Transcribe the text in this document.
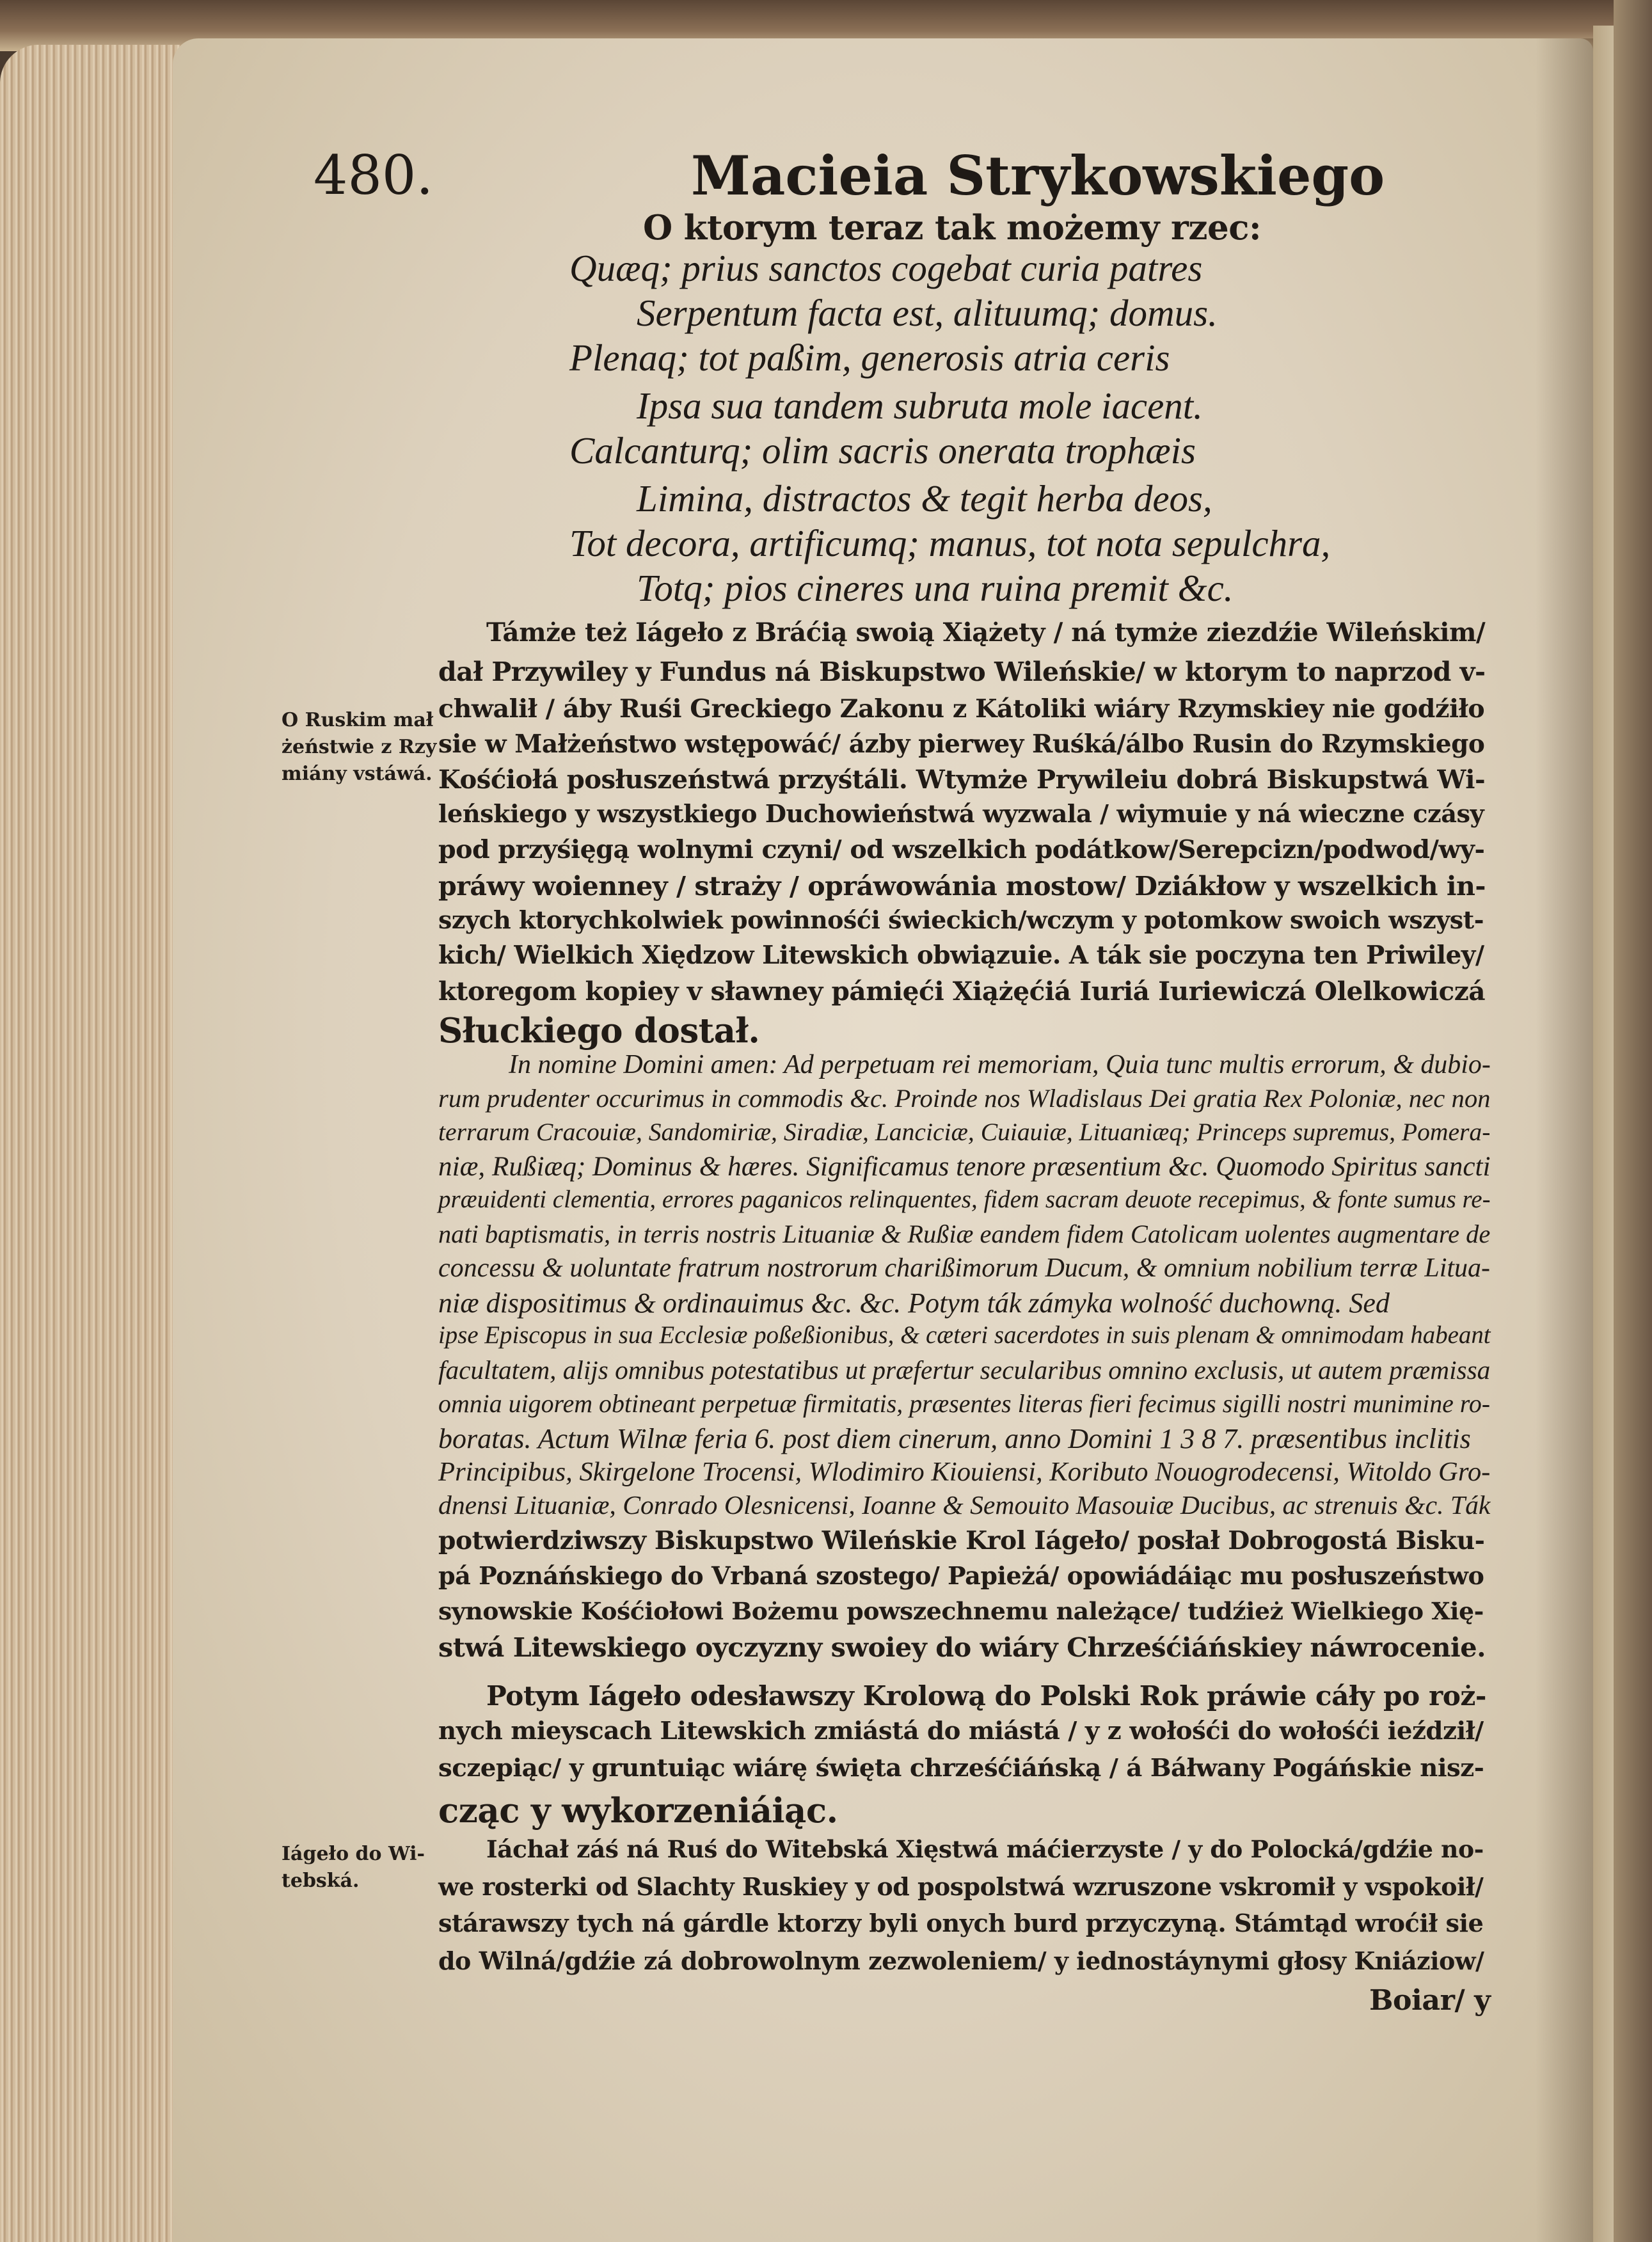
480.	Macieia Strykowskiego
O ktorym teraz tak możemy rzec:
Quæq; prius sanctos cogebat curia patres
Serpentum facta est, alituumq; domus.
Plenaq; tot paßim, generosis atria ceris
Ipsa sua tandem subruta mole iacent.
Calcanturq; olim sacris onerata trophæis
Limina, distractos & tegit herba deos,
Tot decora, artificumq; manus, tot nota sepulchra,
Totq; pios cineres una ruina premit &c.
Támże też Iágeło z Bráćią swoią Xiążety / ná tymże ziezdźie Wileńskim/
dał Przywiley y Fundus ná Biskupstwo Wileńskie/ w ktorym to naprzod v-
chwalił / áby Ruśi Greckiego Zakonu z Kátoliki wiáry Rzymskiey nie godźiło
sie w Małżeństwo wstępowáć/ ázby pierwey Ruśká/álbo Rusin do Rzymskiego
Kośćiołá posłuszeństwá przyśtáli. Wtymże Prywileiu dobrá Biskupstwá Wi-
leńskiego y wszystkiego Duchowieństwá wyzwala / wiymuie y ná wieczne czásy
pod przyśięgą wolnymi czyni/ od wszelkich podátkow/Serepcizn/podwod/wy-
práwy woienney / straży / opráwowánia mostow/ Dziákłow y wszelkich in-
szych ktorychkolwiek powinnośći świeckich/wczym y potomkow swoich wszyst-
kich/ Wielkich Xiędzow Litewskich obwiązuie. A ták sie poczyna ten Priwiley/
ktoregom kopiey v sławney pámięći Xiążęćiá Iuriá Iuriewiczá Olelkowiczá
Słuckiego dostał.
O Ruskim mał
żeństwie z Rzy
miány vstáwá.
In nomine Domini amen: Ad perpetuam rei memoriam, Quia tunc multis errorum, & dubio-
rum prudenter occurimus in commodis &c. Proinde nos Wladislaus Dei gratia Rex Poloniæ, nec non
terrarum Cracouiæ, Sandomiriæ, Siradiæ, Lanciciæ, Cuiauiæ, Lituaniæq; Princeps supremus, Pomera-
niæ, Rußiæq; Dominus & hæres. Significamus tenore præsentium &c. Quomodo Spiritus sancti
præuidenti clementia, errores paganicos relinquentes, fidem sacram deuote recepimus, & fonte sumus re-
nati baptismatis, in terris nostris Lituaniæ & Rußiæ eandem fidem Catolicam uolentes augmentare de
concessu & uoluntate fratrum nostrorum charißimorum Ducum, & omnium nobilium terræ Litua-
niæ dispositimus & ordinauimus &c. &c. Potym ták zámyka wolność duchowną. Sed
ipse Episcopus in sua Ecclesiæ poßeßionibus, & cæteri sacerdotes in suis plenam & omnimodam habeant
facultatem, alijs omnibus potestatibus ut præfertur secularibus omnino exclusis, ut autem præmissa
omnia uigorem obtineant perpetuæ firmitatis, præsentes literas fieri fecimus sigilli nostri munimine ro-
boratas. Actum Wilnæ feria 6. post diem cinerum, anno Domini 1 3 8 7. præsentibus inclitis
Principibus, Skirgelone Trocensi, Wlodimiro Kiouiensi, Koributo Nouogrodecensi, Witoldo Gro-
dnensi Lituaniæ, Conrado Olesnicensi, Ioanne & Semouito Masouiæ Ducibus, ac strenuis &c. Ták
potwierdziwszy Biskupstwo Wileńskie Krol Iágeło/ posłał Dobrogostá Bisku-
pá Poznáńskiego do Vrbaná szostego/ Papieżá/ opowiádáiąc mu posłuszeństwo
synowskie Kośćiołowi Bożemu powszechnemu należące/ tudźież Wielkiego Xię-
stwá Litewskiego oyczyzny swoiey do wiáry Chrześćiáńskiey náwrocenie.
Potym Iágeło odesławszy Krolową do Polski Rok práwie cáły po roż-
nych mieyscach Litewskich zmiástá do miástá / y z wołośći do wołośći ieździł/
sczepiąc/ y gruntuiąc wiárę święta chrześćiáńską / á Báłwany Pogáńskie nisz-
cząc y wykorzeniáiąc.
Iáchał záś ná Ruś do Witebská Xięstwá máćierzyste / y do Polocká/gdźie no-
we rosterki od Slachty Ruskiey y od pospolstwá wzruszone vskromił y vspokoił/
stárawszy tych ná gárdle ktorzy byli onych burd przyczyną. Stámtąd wroćił sie
do Wilná/gdźie zá dobrowolnym zezwoleniem/ y iednostáynymi głosy Kniáziow/
Boiar/ y
Iágeło do Wi-
tebská.
